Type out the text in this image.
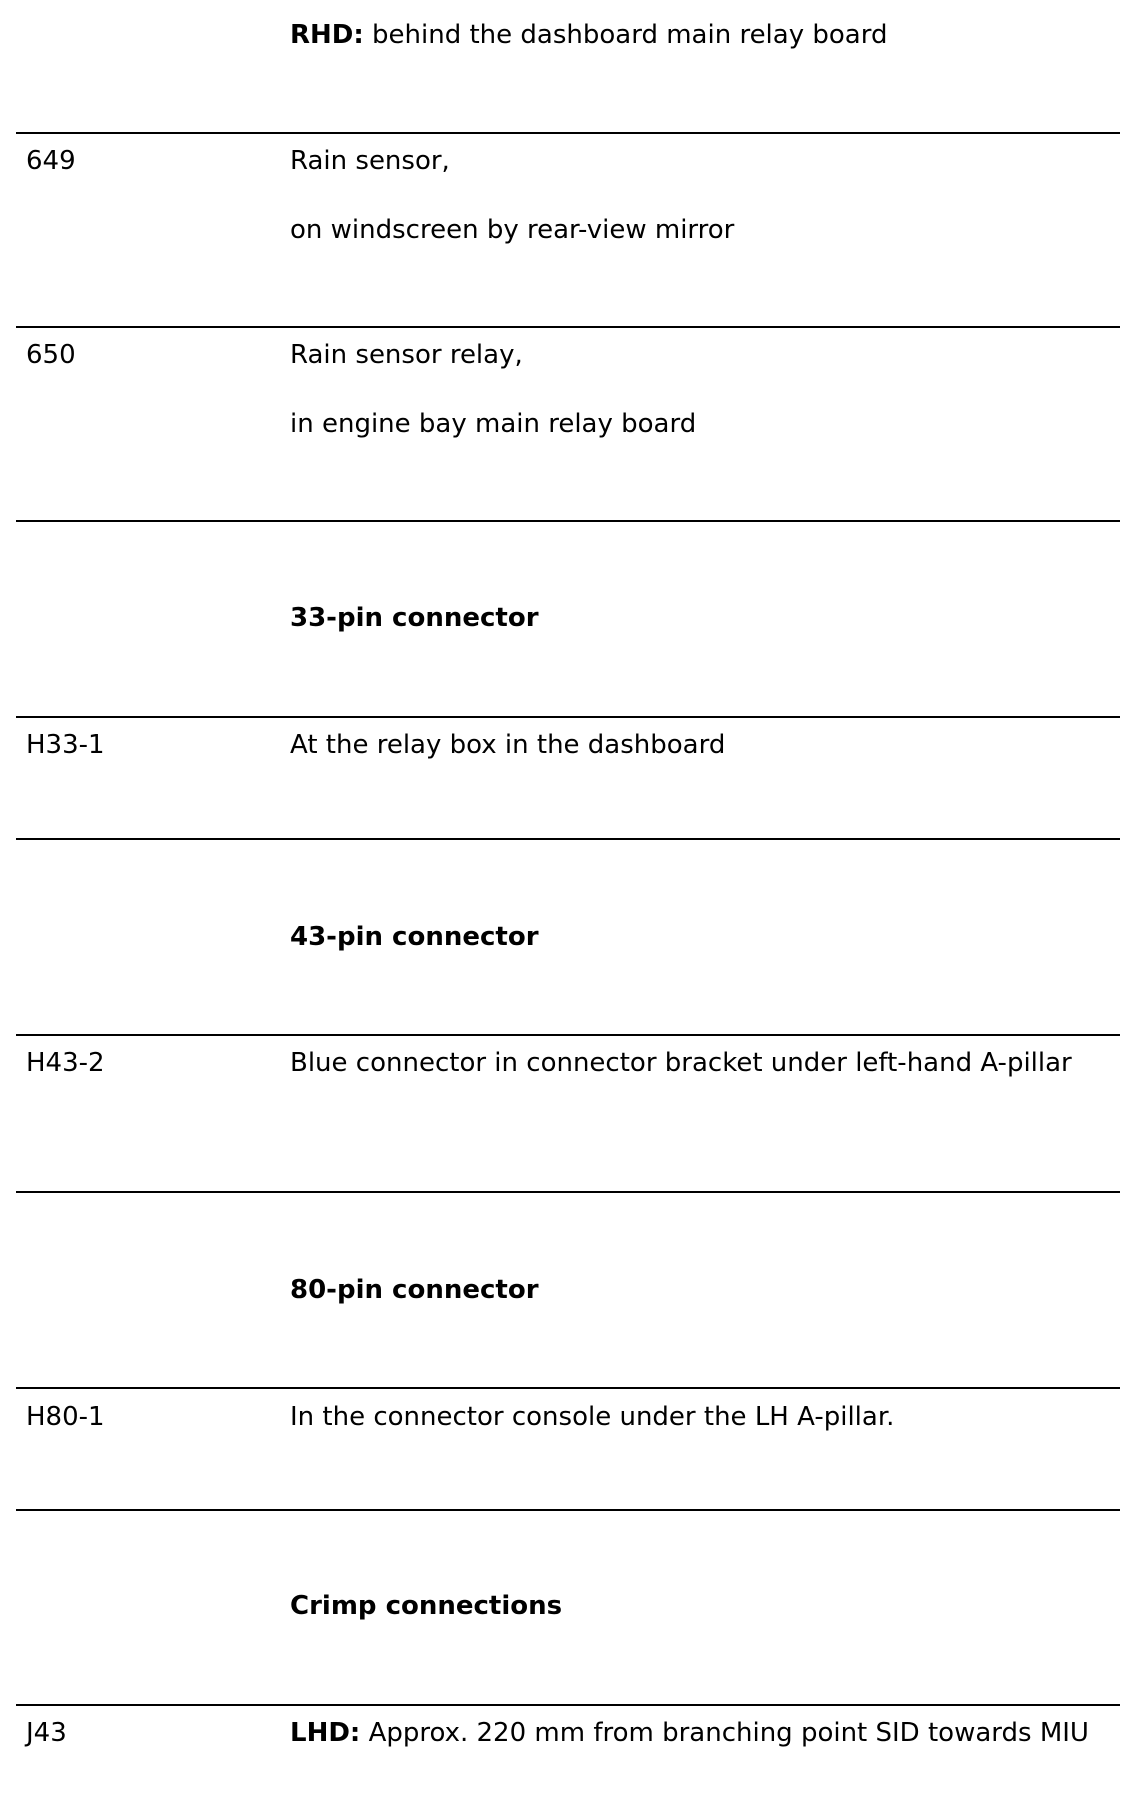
RHD: behind the dashboard main relay board
649	Rain sensor,
on windscreen by rear-view mirror
650	Rain sensor relay,
in engine bay main relay board
33-pin connector
H33-1	At the relay box in the dashboard
43-pin connector
H43-2	Blue connector in connector bracket under left-hand A-pillar
80-pin connector
H80-1	In the connector console under the LH A-pillar.
Crimp connections
J43	LHD: Approx. 220 mm from branching point SID towards MIU
